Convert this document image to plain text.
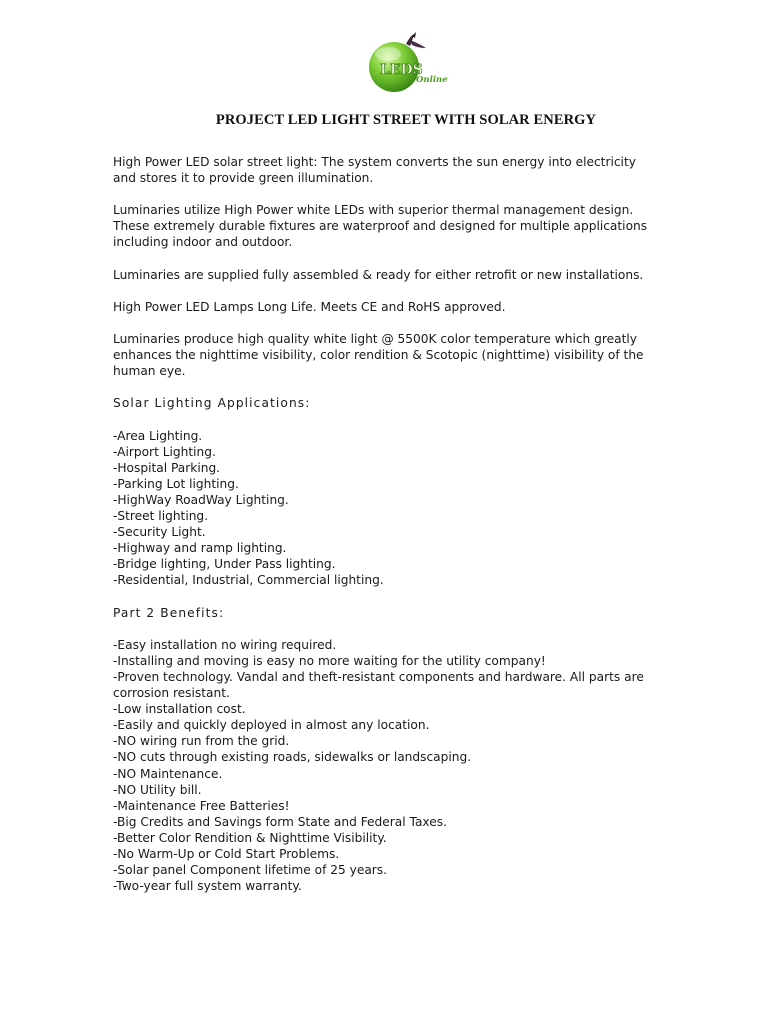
LEDS
Online
PROJECT LED LIGHT STREET WITH SOLAR ENERGY
High Power LED solar street light: The system converts the sun energy into electricity
and stores it to provide green illumination.
Luminaries utilize High Power white LEDs with superior thermal management design.
These extremely durable fixtures are waterproof and designed for multiple applications
including indoor and outdoor.
Luminaries are supplied fully assembled & ready for either retrofit or new installations.
High Power LED Lamps Long Life. Meets CE and RoHS approved.
Luminaries produce high quality white light @ 5500K color temperature which greatly
enhances the nighttime visibility, color rendition & Scotopic (nighttime) visibility of the
human eye.
Solar Lighting Applications:
-Area Lighting.
-Airport Lighting.
-Hospital Parking.
-Parking Lot lighting.
-HighWay RoadWay Lighting.
-Street lighting.
-Security Light.
-Highway and ramp lighting.
-Bridge lighting, Under Pass lighting.
-Residential, Industrial, Commercial lighting.
Part 2 Benefits:
-Easy installation no wiring required.
-Installing and moving is easy no more waiting for the utility company!
-Proven technology. Vandal and theft-resistant components and hardware. All parts are
corrosion resistant.
-Low installation cost.
-Easily and quickly deployed in almost any location.
-NO wiring run from the grid.
-NO cuts through existing roads, sidewalks or landscaping.
-NO Maintenance.
-NO Utility bill.
-Maintenance Free Batteries!
-Big Credits and Savings form State and Federal Taxes.
-Better Color Rendition & Nighttime Visibility.
-No Warm-Up or Cold Start Problems.
-Solar panel Component lifetime of 25 years.
-Two-year full system warranty.
